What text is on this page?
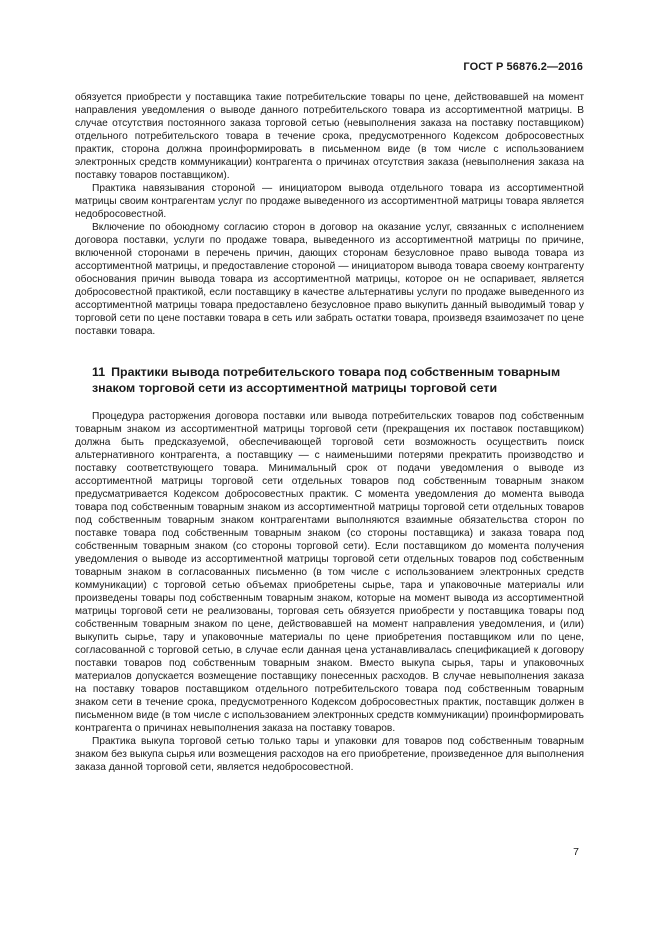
ГОСТ Р 56876.2—2016

обязуется приобрести у поставщика такие потребительские товары по цене, действовавшей на момент направления уведомления о выводе данного потребительского товара из ассортиментной матрицы. В случае отсутствия постоянного заказа торговой сетью (невыполнения заказа на поставку поставщиком) отдельного потребительского товара в течение срока, предусмотренного Кодексом добросовестных практик, сторона должна проинформировать в письменном виде (в том числе с использованием электронных средств коммуникации) контрагента о причинах отсутствия заказа (невыполнения заказа на поставку товаров поставщиком).

Практика навязывания стороной — инициатором вывода отдельного товара из ассортиментной матрицы своим контрагентам услуг по продаже выведенного из ассортиментной матрицы товара является недобросовестной.

Включение по обоюдному согласию сторон в договор на оказание услуг, связанных с исполнением договора поставки, услуги по продаже товара, выведенного из ассортиментной матрицы по причине, включенной сторонами в перечень причин, дающих сторонам безусловное право вывода товара из ассортиментной матрицы, и предоставление стороной — инициатором вывода товара своему контрагенту обоснования причин вывода товара из ассортиментной матрицы, которое он не оспаривает, является добросовестной практикой, если поставщику в качестве альтернативы услуги по продаже выведенного из ассортиментной матрицы товара предоставлено безусловное право выкупить данный выводимый товар у торговой сети по цене поставки товара в сеть или забрать остатки товара, произведя взаимозачет по цене поставки товара.

11 Практики вывода потребительского товара под собственным товарным знаком торговой сети из ассортиментной матрицы торговой сети

Процедура расторжения договора поставки или вывода потребительских товаров под собственным товарным знаком из ассортиментной матрицы торговой сети (прекращения их поставок поставщиком) должна быть предсказуемой, обеспечивающей торговой сети возможность осуществить поиск альтернативного контрагента, а поставщику — с наименьшими потерями прекратить производство и поставку соответствующего товара. Минимальный срок от подачи уведомления о выводе из ассортиментной матрицы торговой сети отдельных товаров под собственным товарным знаком предусматривается Кодексом добросовестных практик. С момента уведомления до момента вывода товара под собственным товарным знаком из ассортиментной матрицы торговой сети отдельных товаров под собственным товарным знаком контрагентами выполняются взаимные обязательства сторон по поставке товара под собственным товарным знаком (со стороны поставщика) и заказа товара под собственным товарным знаком (со стороны торговой сети). Если поставщиком до момента получения уведомления о выводе из ассортиментной матрицы торговой сети отдельных товаров под собственным товарным знаком в согласованных письменно (в том числе с использованием электронных средств коммуникации) с торговой сетью объемах приобретены сырье, тара и упаковочные материалы или произведены товары под собственным товарным знаком, которые на момент вывода из ассортиментной матрицы торговой сети не реализованы, торговая сеть обязуется приобрести у поставщика товары под собственным товарным знаком по цене, действовавшей на момент направления уведомления, и (или) выкупить сырье, тару и упаковочные материалы по цене приобретения поставщиком или по цене, согласованной с торговой сетью, в случае если данная цена устанавливалась спецификацией к договору поставки товаров под собственным товарным знаком. Вместо выкупа сырья, тары и упаковочных материалов допускается возмещение поставщику понесенных расходов. В случае невыполнения заказа на поставку товаров поставщиком отдельного потребительского товара под собственным товарным знаком сети в течение срока, предусмотренного Кодексом добросовестных практик, поставщик должен в письменном виде (в том числе с использованием электронных средств коммуникации) проинформировать контрагента о причинах невыполнения заказа на поставку товаров.

Практика выкупа торговой сетью только тары и упаковки для товаров под собственным товарным знаком без выкупа сырья или возмещения расходов на его приобретение, произведенное для выполнения заказа данной торговой сети, является недобросовестной.

7
